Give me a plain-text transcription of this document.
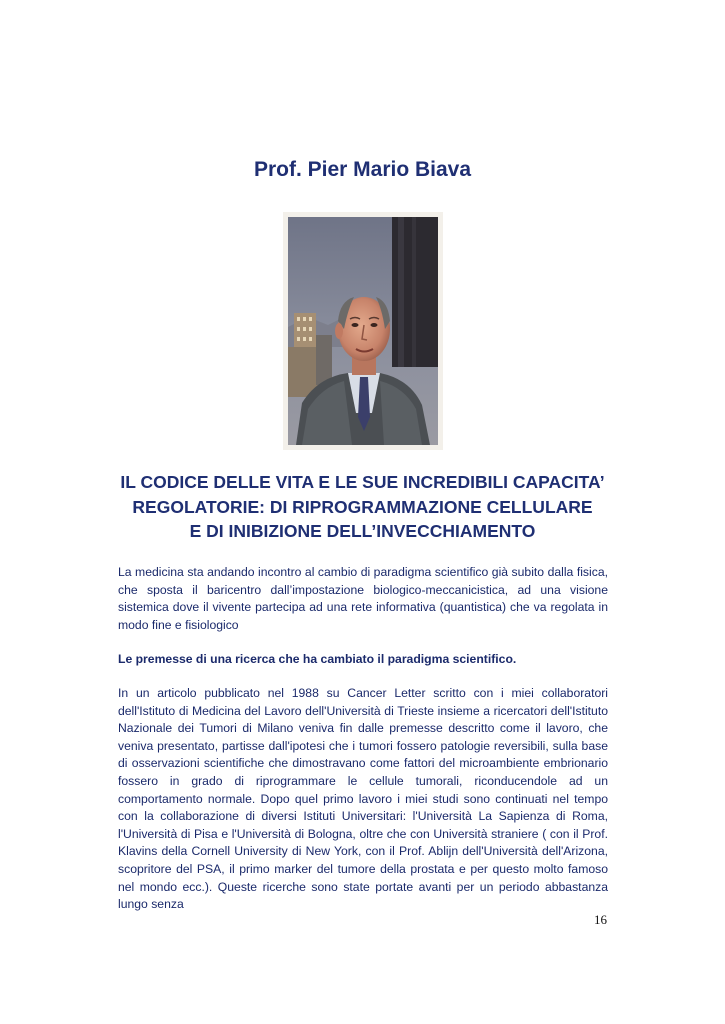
Prof. Pier Mario Biava
IL CODICE DELLE VITA E LE SUE INCREDIBILI CAPACITA’
REGOLATORIE: DI RIPROGRAMMAZIONE CELLULARE
E DI INIBIZIONE DELL’INVECCHIAMENTO

La medicina sta andando incontro al cambio di paradigma scientifico già subito dalla fisica, che sposta il baricentro dall’impostazione biologico-meccanicistica, ad una visione sistemica dove il vivente partecipa ad una rete informativa (quantistica) che va regolata in modo fine e fisiologico

Le premesse di una ricerca che ha cambiato il paradigma scientifico.

In un articolo pubblicato nel 1988 su Cancer Letter scritto con i miei collaboratori dell'Istituto di Medicina del Lavoro dell'Università di Trieste insieme a ricercatori dell'Istituto Nazionale dei Tumori di Milano veniva fin dalle premesse descritto come il lavoro, che veniva presentato, partisse dall'ipotesi che i tumori fossero patologie reversibili, sulla base di osservazioni scientifiche che dimostravano come fattori del microambiente embrionario fossero in grado di riprogrammare le cellule tumorali, riconducendole ad un comportamento normale. Dopo quel primo lavoro i miei studi sono continuati nel tempo con la collaborazione di diversi Istituti Universitari: l'Università La Sapienza di Roma, l'Università di Pisa e l'Università di Bologna, oltre che con Università straniere ( con il Prof. Klavins della Cornell University di New York, con il Prof. Ablijn dell'Università dell'Arizona, scopritore del PSA, il primo marker del tumore della prostata e per questo molto famoso nel mondo ecc.). Queste ricerche sono state portate avanti per un periodo abbastanza lungo senza

16
